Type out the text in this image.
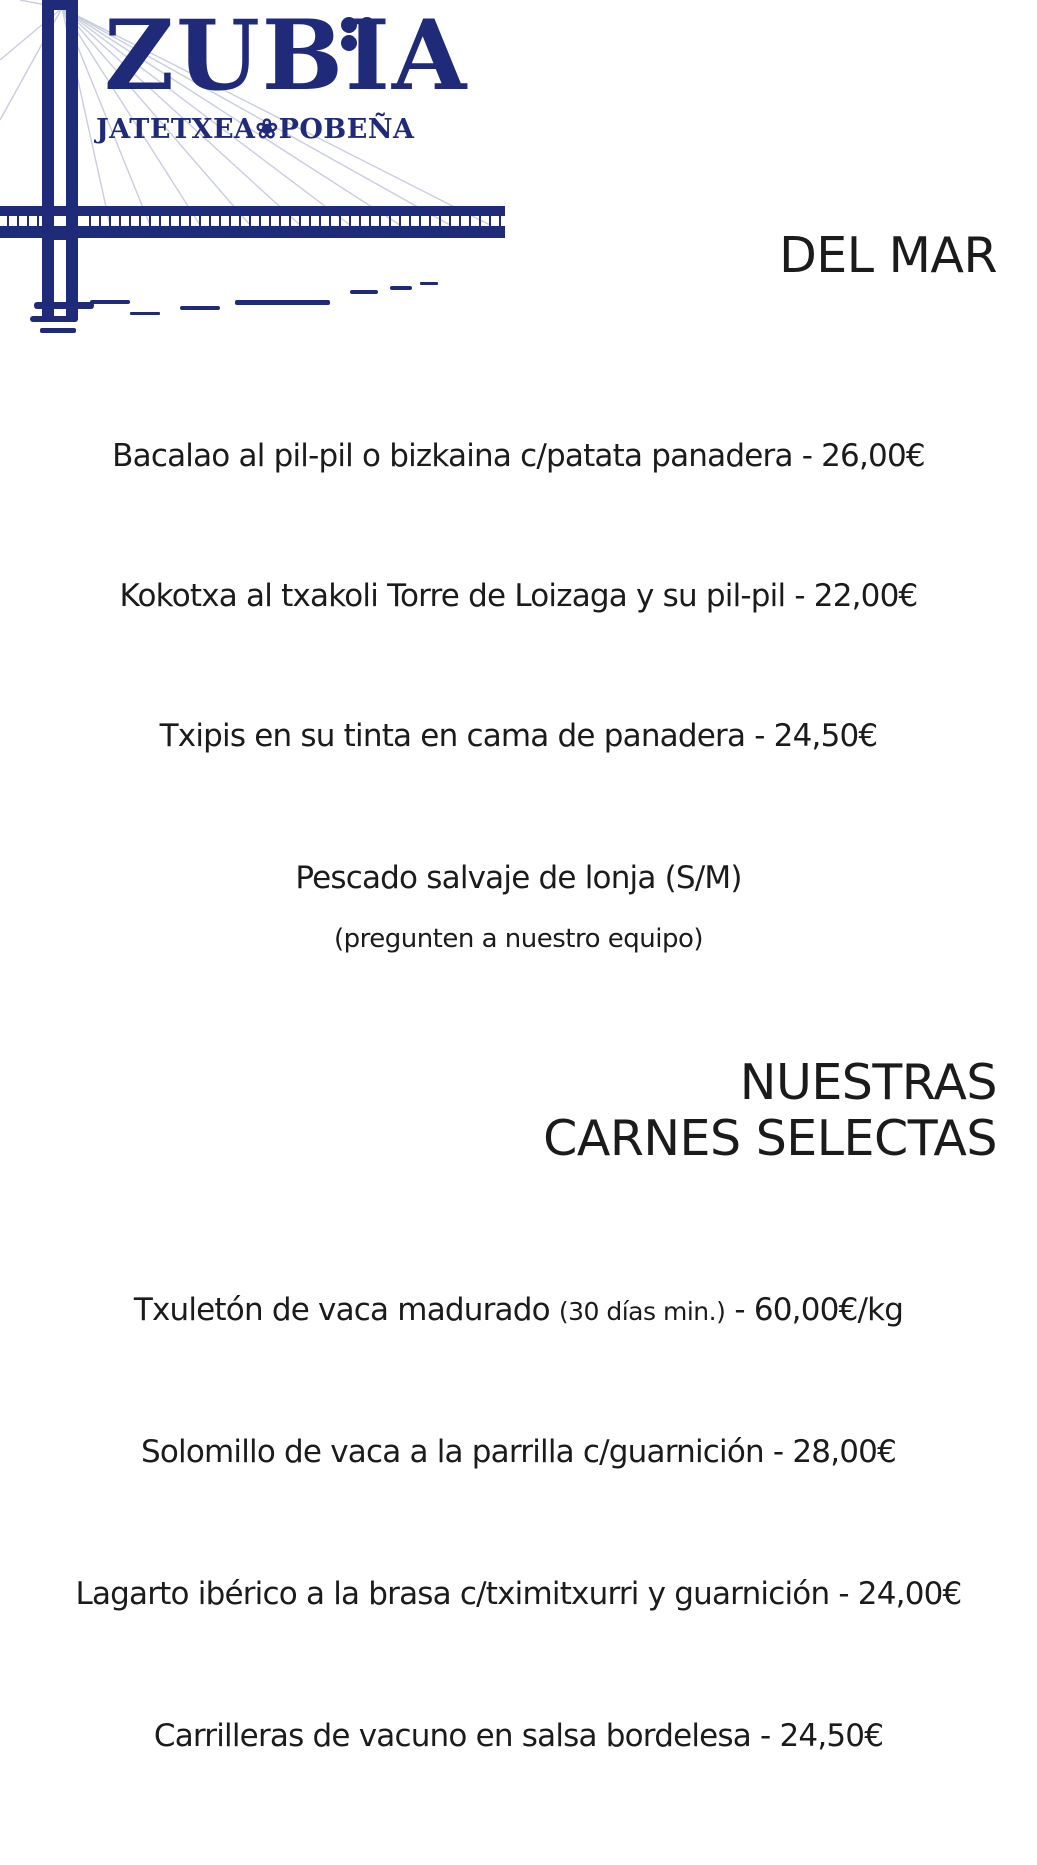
ZUBIA
JATETXEA❀POBEÑA
DEL MAR
Bacalao al pil-pil o bizkaina c/patata panadera - 26,00€
Kokotxa al txakoli Torre de Loizaga y su pil-pil - 22,00€
Txipis en su tinta en cama de panadera - 24,50€
Pescado salvaje de lonja (S/M)
(pregunten a nuestro equipo)
NUESTRAS
CARNES SELECTAS
Txuletón de vaca madurado (30 días min.) - 60,00€/kg
Solomillo de vaca a la parrilla c/guarnición - 28,00€
Lagarto ibérico a la brasa c/tximitxurri y guarnición - 24,00€
Carrilleras de vacuno en salsa bordelesa - 24,50€
